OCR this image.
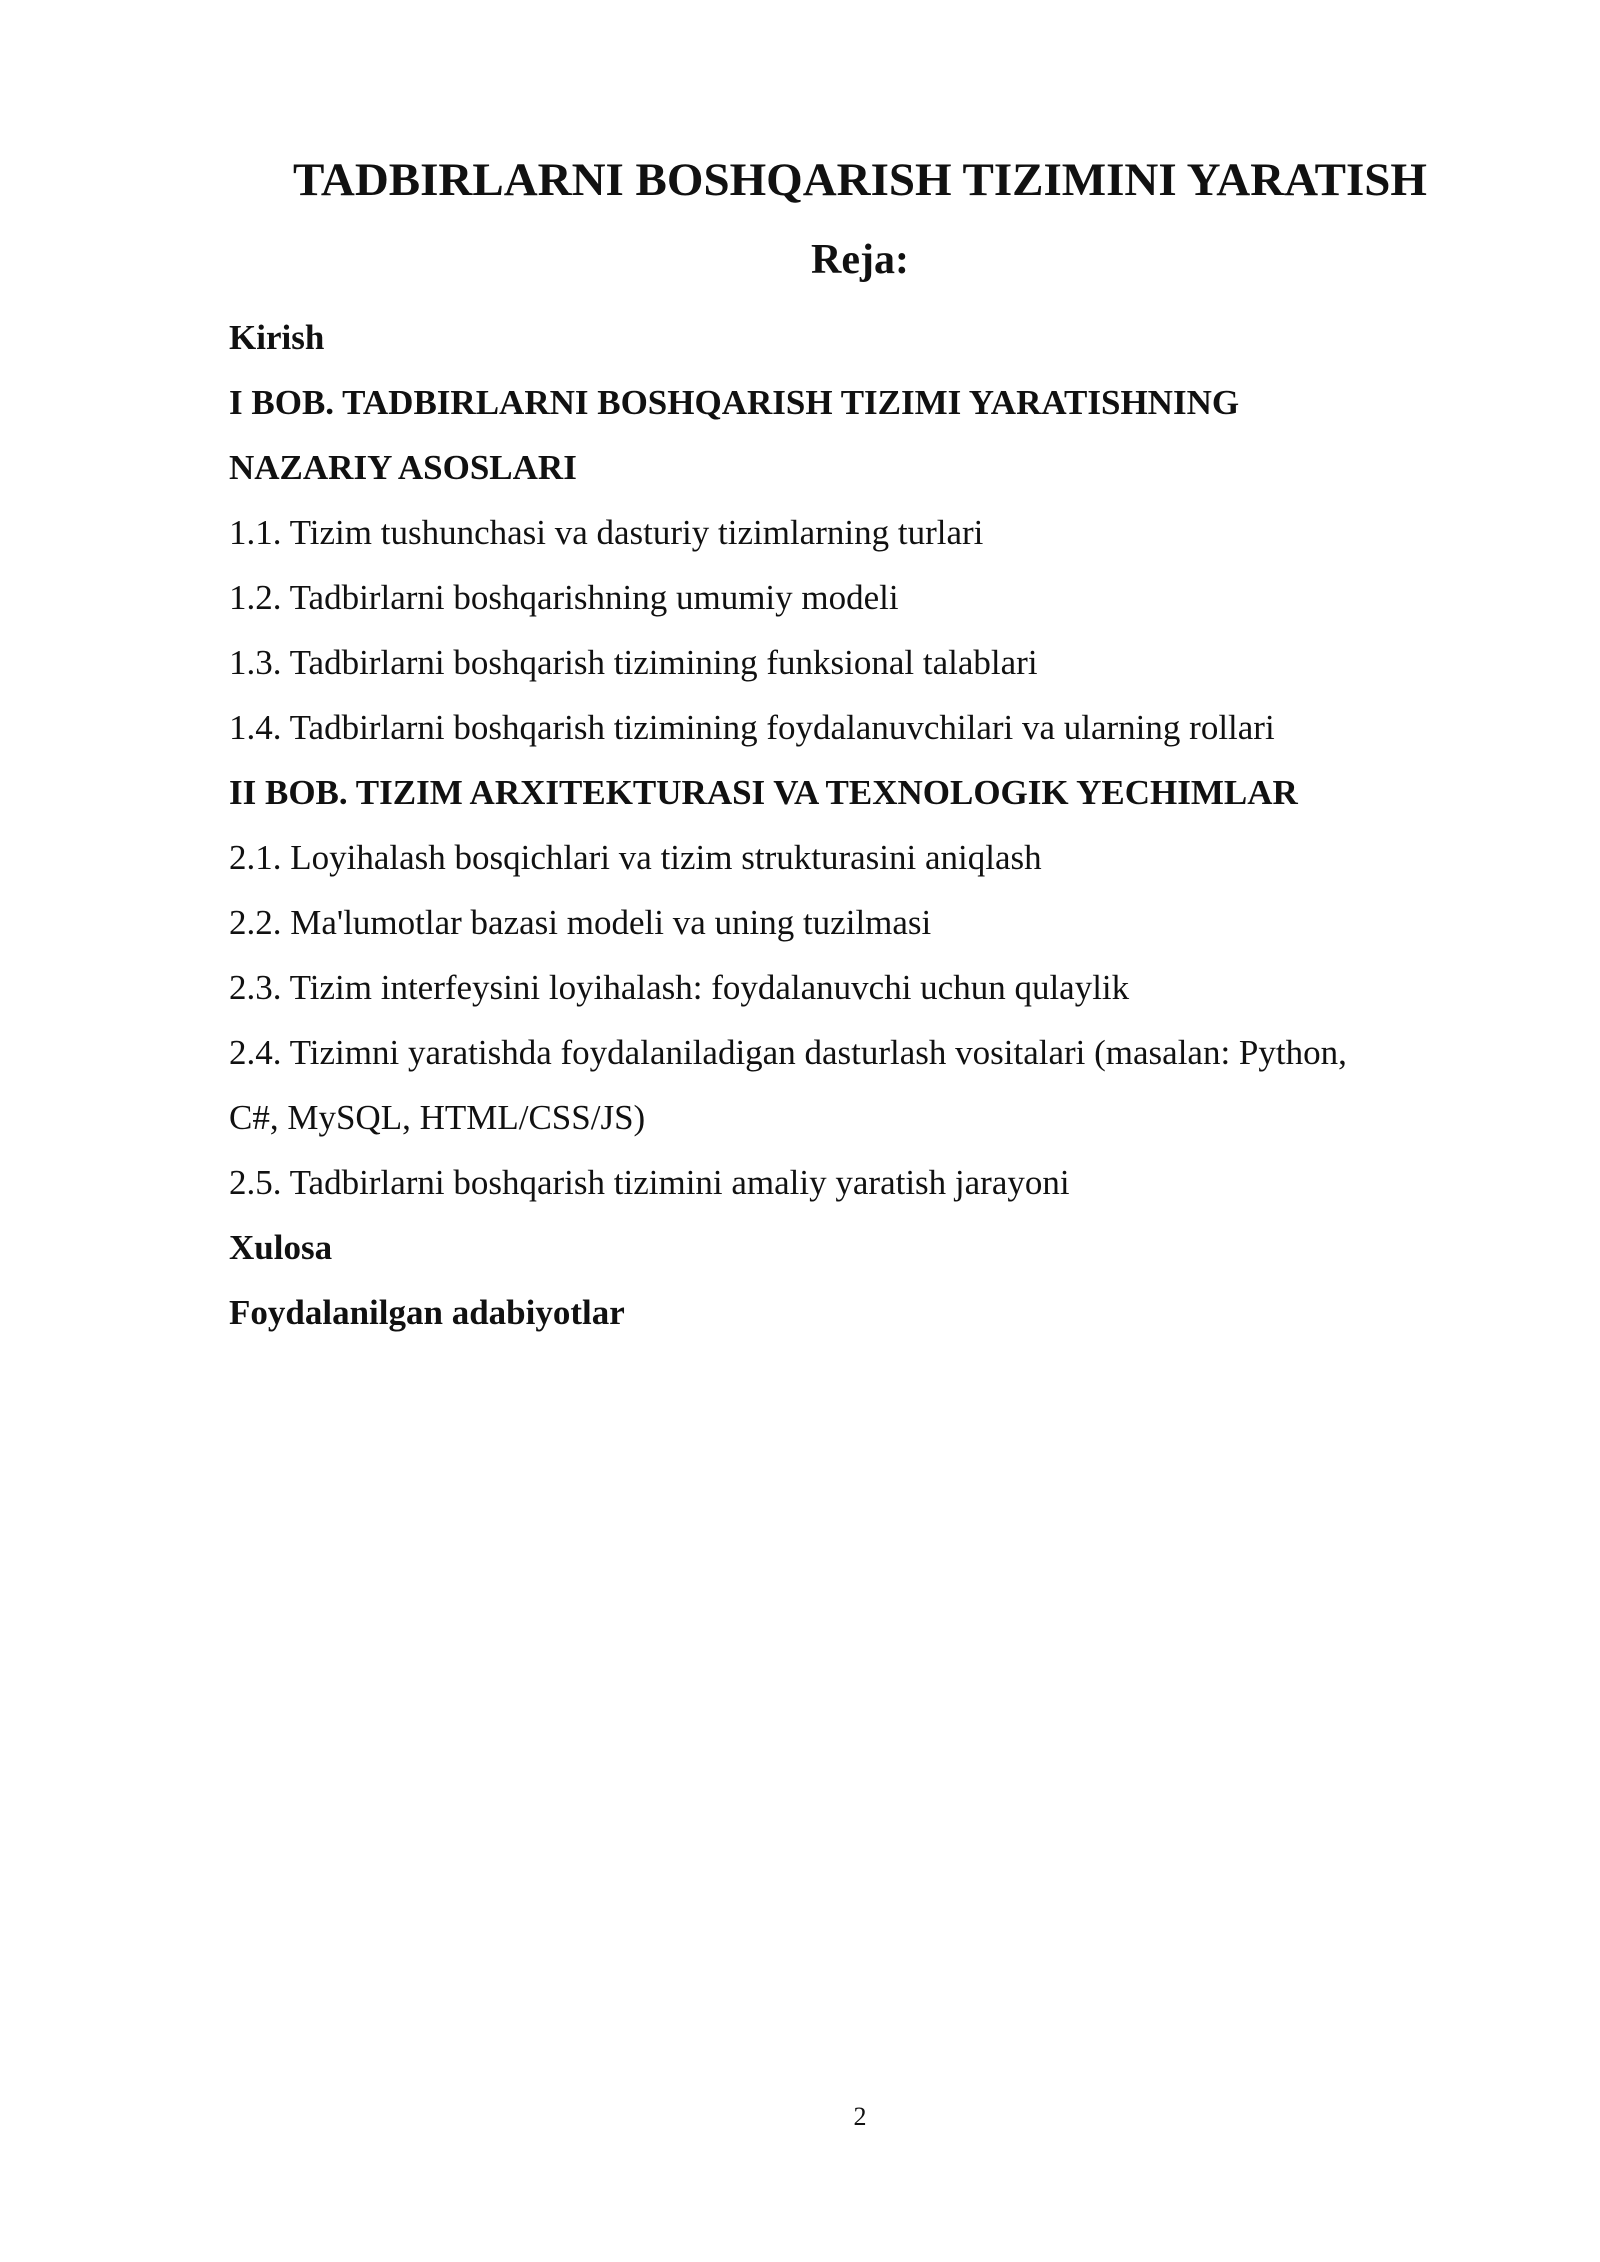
TADBIRLARNI BOSHQARISH TIZIMINI YARATISH
Reja:
Kirish
I BOB. TADBIRLARNI BOSHQARISH TIZIMI YARATISHNING
NAZARIY ASOSLARI
1.1. Tizim tushunchasi va dasturiy tizimlarning turlari
1.2. Tadbirlarni boshqarishning umumiy modeli
1.3. Tadbirlarni boshqarish tizimining funksional talablari
1.4. Tadbirlarni boshqarish tizimining foydalanuvchilari va ularning rollari
II BOB. TIZIM ARXITEKTURASI VA TEXNOLOGIK YECHIMLAR
2.1. Loyihalash bosqichlari va tizim strukturasini aniqlash
2.2. Ma'lumotlar bazasi modeli va uning tuzilmasi
2.3. Tizim interfeysini loyihalash: foydalanuvchi uchun qulaylik
2.4. Tizimni yaratishda foydalaniladigan dasturlash vositalari (masalan: Python,
C#, MySQL, HTML/CSS/JS)
2.5. Tadbirlarni boshqarish tizimini amaliy yaratish jarayoni
Xulosa
Foydalanilgan adabiyotlar
2
